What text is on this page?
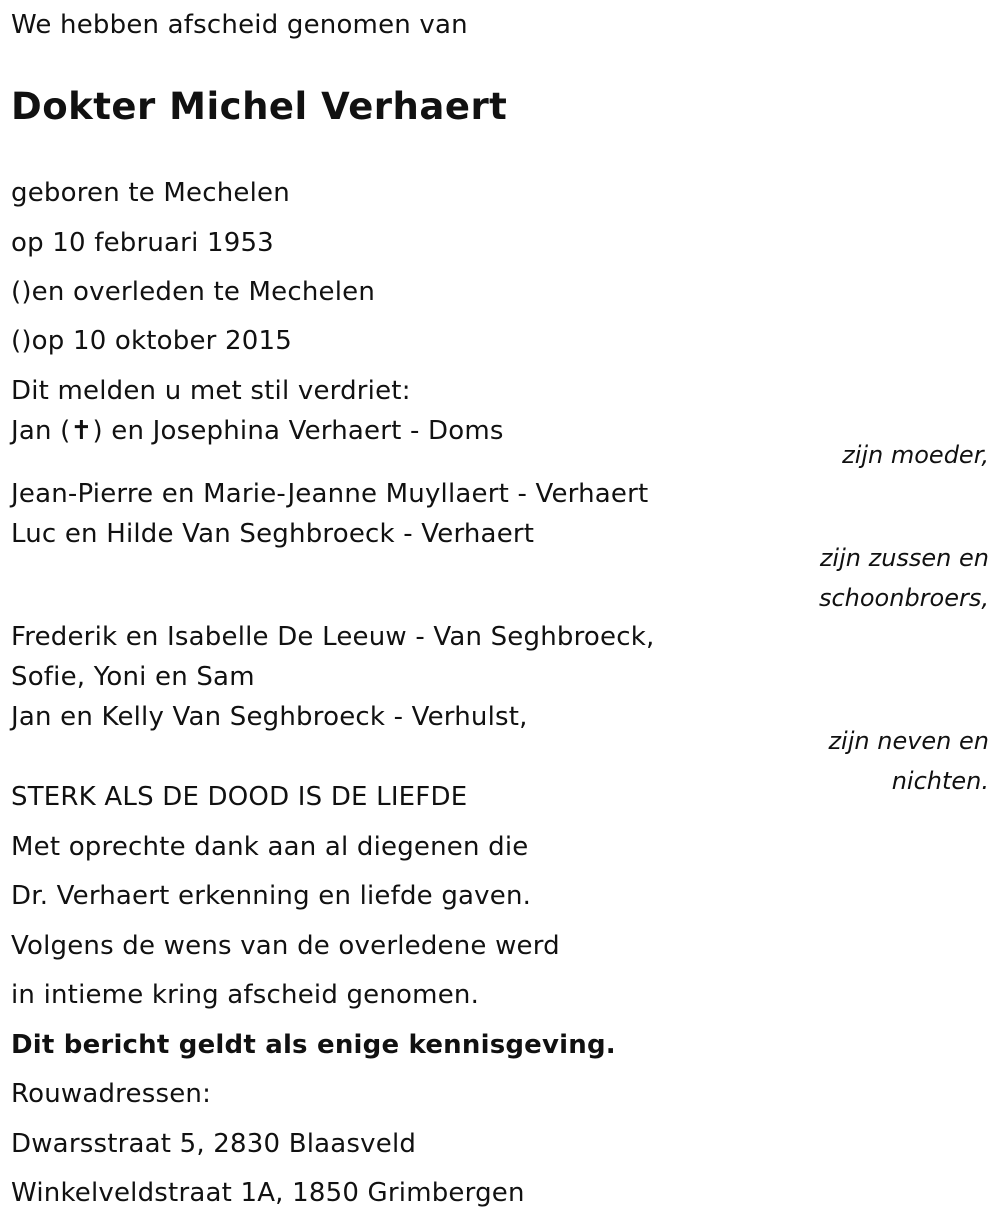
We hebben afscheid genomen van
Dokter Michel Verhaert
geboren te Mechelen
op 10 februari 1953
()en overleden te Mechelen
()op 10 oktober 2015
Dit melden u met stil verdriet:
Jan (✝) en Josephina Verhaert - Doms
zijn moeder,
Jean-Pierre en Marie-Jeanne Muyllaert - Verhaert
Luc en Hilde Van Seghbroeck - Verhaert
zijn zussen en
schoonbroers,
Frederik en Isabelle De Leeuw - Van Seghbroeck,
Sofie, Yoni en Sam
Jan en Kelly Van Seghbroeck - Verhulst,
zijn neven en
nichten.
STERK ALS DE DOOD IS DE LIEFDE
Met oprechte dank aan al diegenen die
Dr. Verhaert erkenning en liefde gaven.
Volgens de wens van de overledene werd
in intieme kring afscheid genomen.
Dit bericht geldt als enige kennisgeving.
Rouwadressen:
Dwarsstraat 5, 2830 Blaasveld
Winkelveldstraat 1A, 1850 Grimbergen
